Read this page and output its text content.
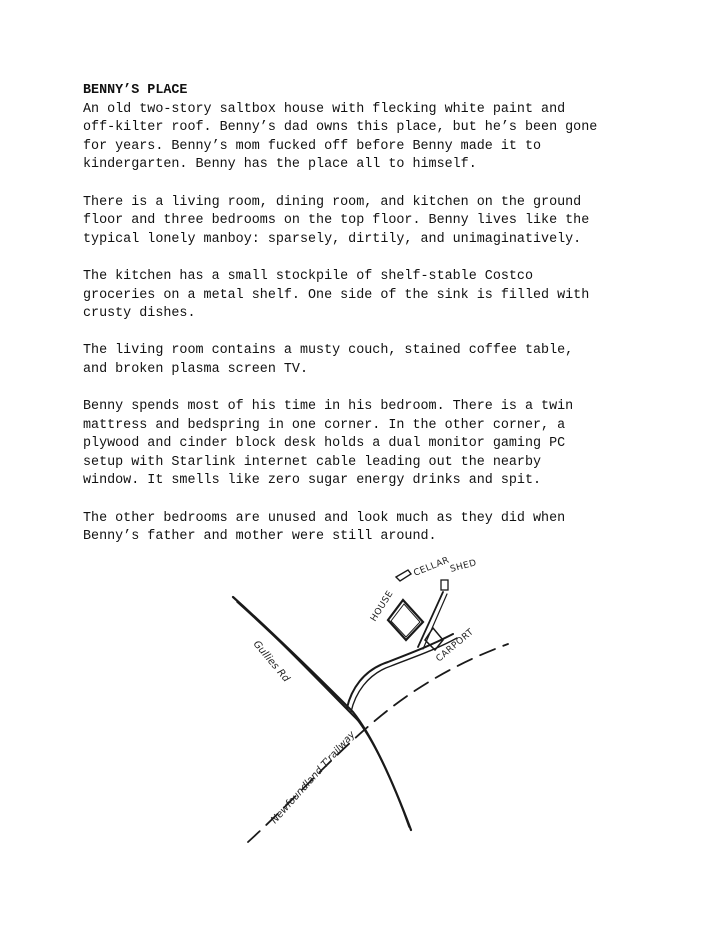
BENNY’S PLACE

An old two-story saltbox house with flecking white paint and
off-kilter roof. Benny’s dad owns this place, but he’s been gone
for years. Benny’s mom fucked off before Benny made it to
kindergarten. Benny has the place all to himself.

There is a living room, dining room, and kitchen on the ground
floor and three bedrooms on the top floor. Benny lives like the
typical lonely manboy: sparsely, dirtily, and unimaginatively.

The kitchen has a small stockpile of shelf-stable Costco
groceries on a metal shelf. One side of the sink is filled with
crusty dishes.

The living room contains a musty couch, stained coffee table,
and broken plasma screen TV.

Benny spends most of his time in his bedroom. There is a twin
mattress and bedspring in one corner. In the other corner, a
plywood and cinder block desk holds a dual monitor gaming PC
setup with Starlink internet cable leading out the nearby
window. It smells like zero sugar energy drinks and spit.

The other bedrooms are unused and look much as they did when
Benny’s father and mother were still around.

CELLAR
SHED
HOUSE
CARPORT
Gullies Rd
Newfoundland T'railway
